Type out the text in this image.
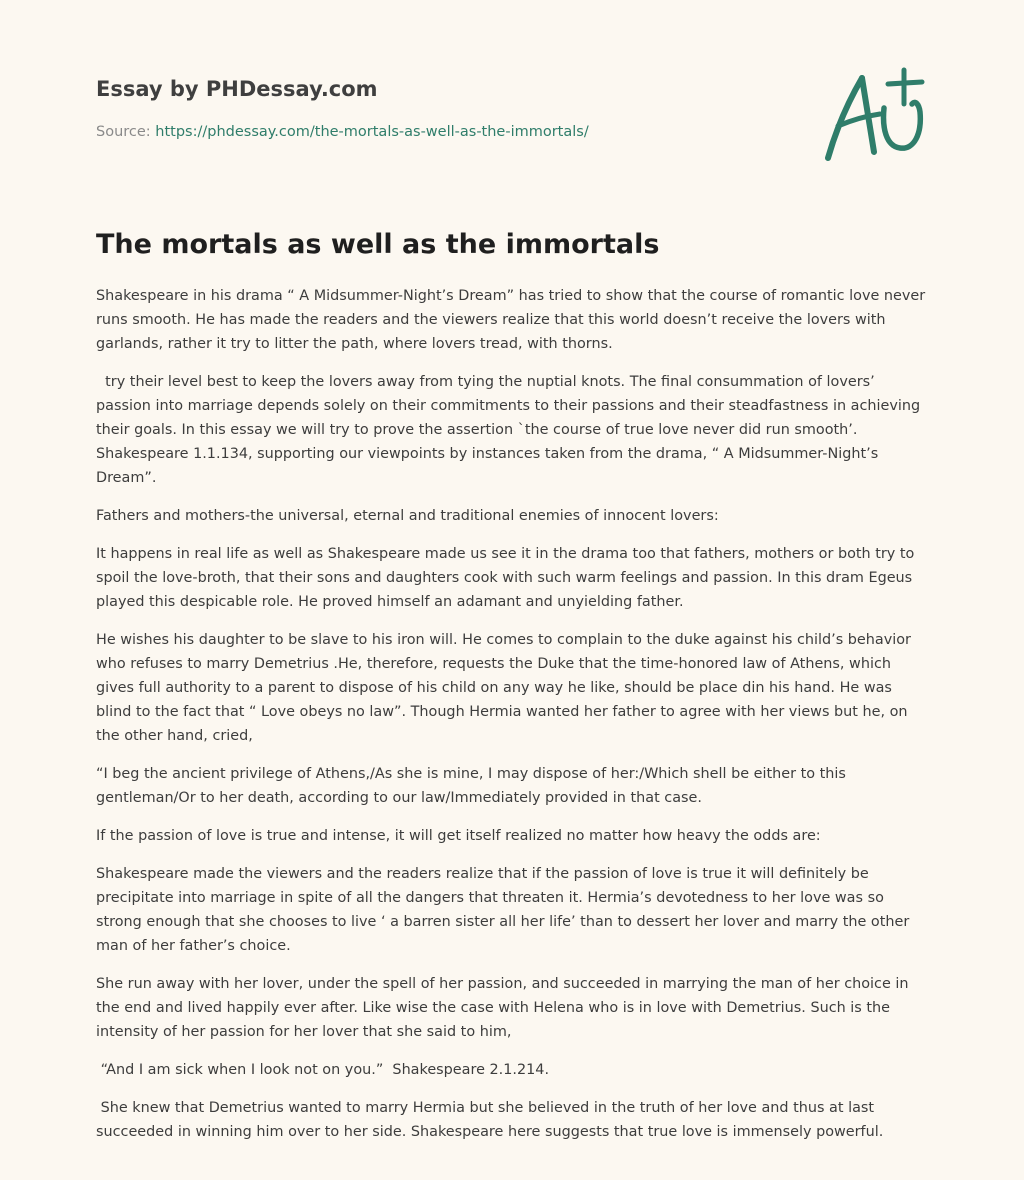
Essay by PHDessay.com
Source: https://phdessay.com/the-mortals-as-well-as-the-immortals/
The mortals as well as the immortals

Shakespeare in his drama “ A Midsummer-Night’s Dream” has tried to show that the course of romantic love never runs smooth. He has made the readers and the viewers realize that this world doesn’t receive the lovers with garlands, rather it try to litter the path, where lovers tread, with thorns.

try their level best to keep the lovers away from tying the nuptial knots. The final consummation of lovers’ passion into marriage depends solely on their commitments to their passions and their steadfastness in achieving their goals. In this essay we will try to prove the assertion `the course of true love never did run smooth’. Shakespeare 1.1.134, supporting our viewpoints by instances taken from the drama, “ A Midsummer-Night’s Dream”.

Fathers and mothers-the universal, eternal and traditional enemies of innocent lovers:

It happens in real life as well as Shakespeare made us see it in the drama too that fathers, mothers or both try to spoil the love-broth, that their sons and daughters cook with such warm feelings and passion. In this dram Egeus played this despicable role. He proved himself an adamant and unyielding father.

He wishes his daughter to be slave to his iron will. He comes to complain to the duke against his child’s behavior who refuses to marry Demetrius .He, therefore, requests the Duke that the time-honored law of Athens, which gives full authority to a parent to dispose of his child on any way he like, should be place din his hand. He was blind to the fact that “ Love obeys no law”. Though Hermia wanted her father to agree with her views but he, on the other hand, cried,

“I beg the ancient privilege of Athens,/As she is mine, I may dispose of her:/Which shell be either to this gentleman/Or to her death, according to our law/Immediately provided in that case.

If the passion of love is true and intense, it will get itself realized no matter how heavy the odds are:

Shakespeare made the viewers and the readers realize that if the passion of love is true it will definitely be precipitate into marriage in spite of all the dangers that threaten it. Hermia’s devotedness to her love was so strong enough that she chooses to live ‘ a barren sister all her life’ than to dessert her lover and marry the other man of her father’s choice.

She run away with her lover, under the spell of her passion, and succeeded in marrying the man of her choice in the end and lived happily ever after. Like wise the case with Helena who is in love with Demetrius. Such is the intensity of her passion for her lover that she said to him,

“And I am sick when I look not on you.”  Shakespeare 2.1.214.

She knew that Demetrius wanted to marry Hermia but she believed in the truth of her love and thus at last succeeded in winning him over to her side. Shakespeare here suggests that true love is immensely powerful.
